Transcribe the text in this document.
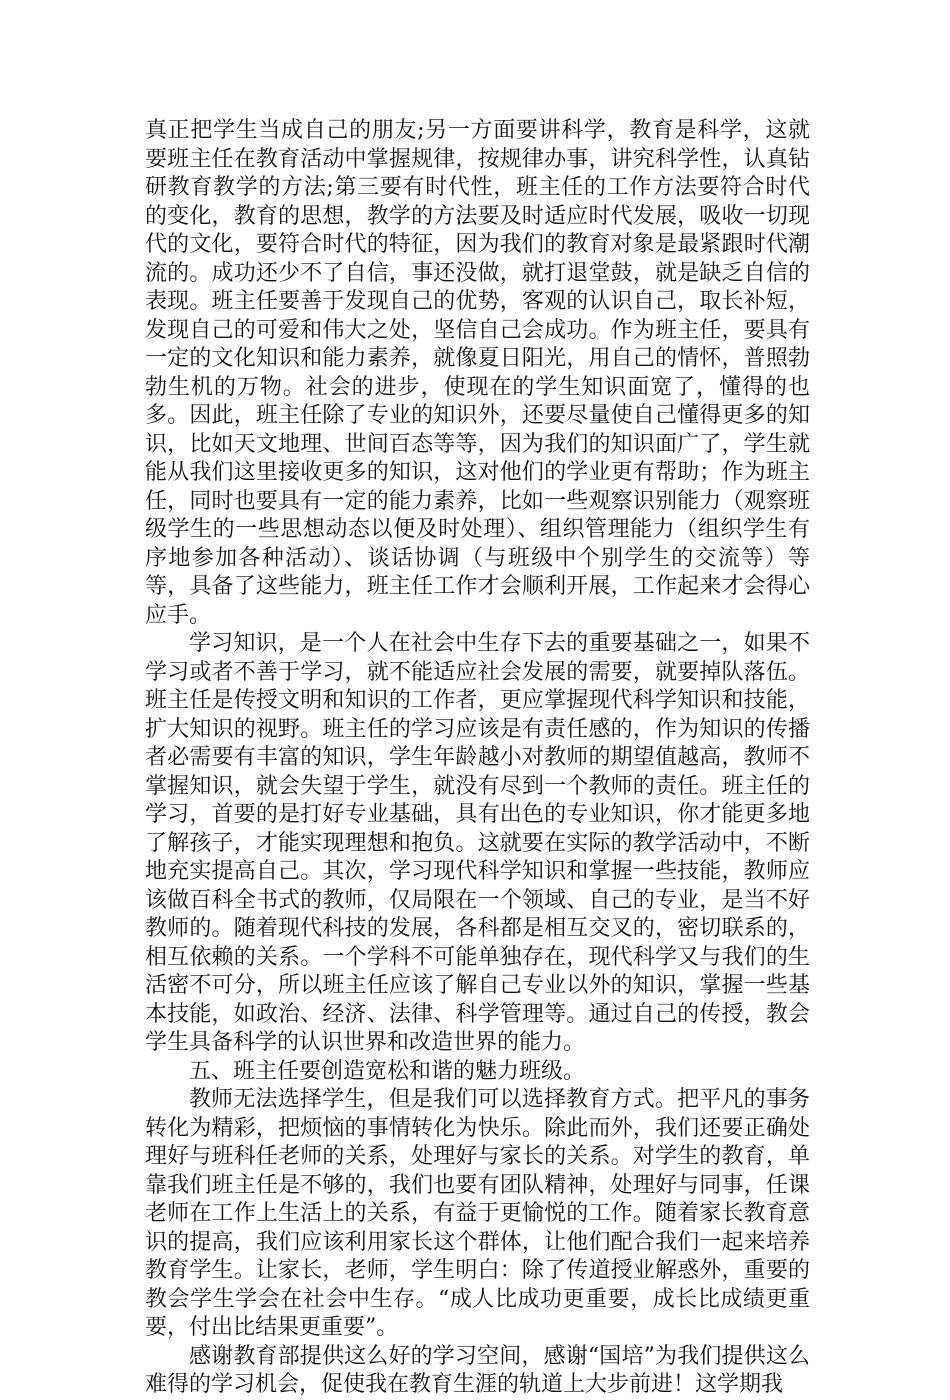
真正把学生当成自己的朋友;另一方面要讲科学，教育是科学，这就要班主任在教育活动中掌握规律，按规律办事，讲究科学性，认真钻研教育教学的方法;第三要有时代性，班主任的工作方法要符合时代的变化，教育的思想，教学的方法要及时适应时代发展，吸收一切现代的文化，要符合时代的特征，因为我们的教育对象是最紧跟时代潮流的。成功还少不了自信，事还没做，就打退堂鼓，就是缺乏自信的表现。班主任要善于发现自己的优势，客观的认识自己，取长补短，发现自己的可爱和伟大之处，坚信自己会成功。作为班主任，要具有一定的文化知识和能力素养，就像夏日阳光，用自己的情怀，普照勃勃生机的万物。社会的进步，使现在的学生知识面宽了，懂得的也多。因此，班主任除了专业的知识外，还要尽量使自己懂得更多的知识，比如天文地理、世间百态等等，因为我们的知识面广了，学生就能从我们这里接收更多的知识，这对他们的学业更有帮助；作为班主任，同时也要具有一定的能力素养，比如一些观察识别能力（观察班级学生的一些思想动态以便及时处理）、组织管理能力（组织学生有序地参加各种活动）、谈话协调（与班级中个别学生的交流等）等等，具备了这些能力，班主任工作才会顺利开展，工作起来才会得心应手。

学习知识，是一个人在社会中生存下去的重要基础之一，如果不学习或者不善于学习，就不能适应社会发展的需要，就要掉队落伍。班主任是传授文明和知识的工作者，更应掌握现代科学知识和技能，扩大知识的视野。班主任的学习应该是有责任感的，作为知识的传播者必需要有丰富的知识，学生年龄越小对教师的期望值越高，教师不掌握知识，就会失望于学生，就没有尽到一个教师的责任。班主任的学习，首要的是打好专业基础，具有出色的专业知识，你才能更多地了解孩子，才能实现理想和抱负。这就要在实际的教学活动中，不断地充实提高自己。其次，学习现代科学知识和掌握一些技能，教师应该做百科全书式的教师，仅局限在一个领域、自己的专业，是当不好教师的。随着现代科技的发展，各科都是相互交叉的，密切联系的，相互依赖的关系。一个学科不可能单独存在，现代科学又与我们的生活密不可分，所以班主任应该了解自己专业以外的知识，掌握一些基本技能，如政治、经济、法律、科学管理等。通过自己的传授，教会学生具备科学的认识世界和改造世界的能力。

五、班主任要创造宽松和谐的魅力班级。

教师无法选择学生，但是我们可以选择教育方式。把平凡的事务转化为精彩，把烦恼的事情转化为快乐。除此而外，我们还要正确处理好与班科任老师的关系，处理好与家长的关系。对学生的教育，单靠我们班主任是不够的，我们也要有团队精神，处理好与同事，任课老师在工作上生活上的关系，有益于更愉悦的工作。随着家长教育意识的提高，我们应该利用家长这个群体，让他们配合我们一起来培养教育学生。让家长，老师，学生明白：除了传道授业解惑外，重要的教会学生学会在社会中生存。“成人比成功更重要，成长比成绩更重要，付出比结果更重要”。

感谢教育部提供这么好的学习空间，感谢“国培”为我们提供这么难得的学习机会，促使我在教育生涯的轨道上大步前进！这学期我
